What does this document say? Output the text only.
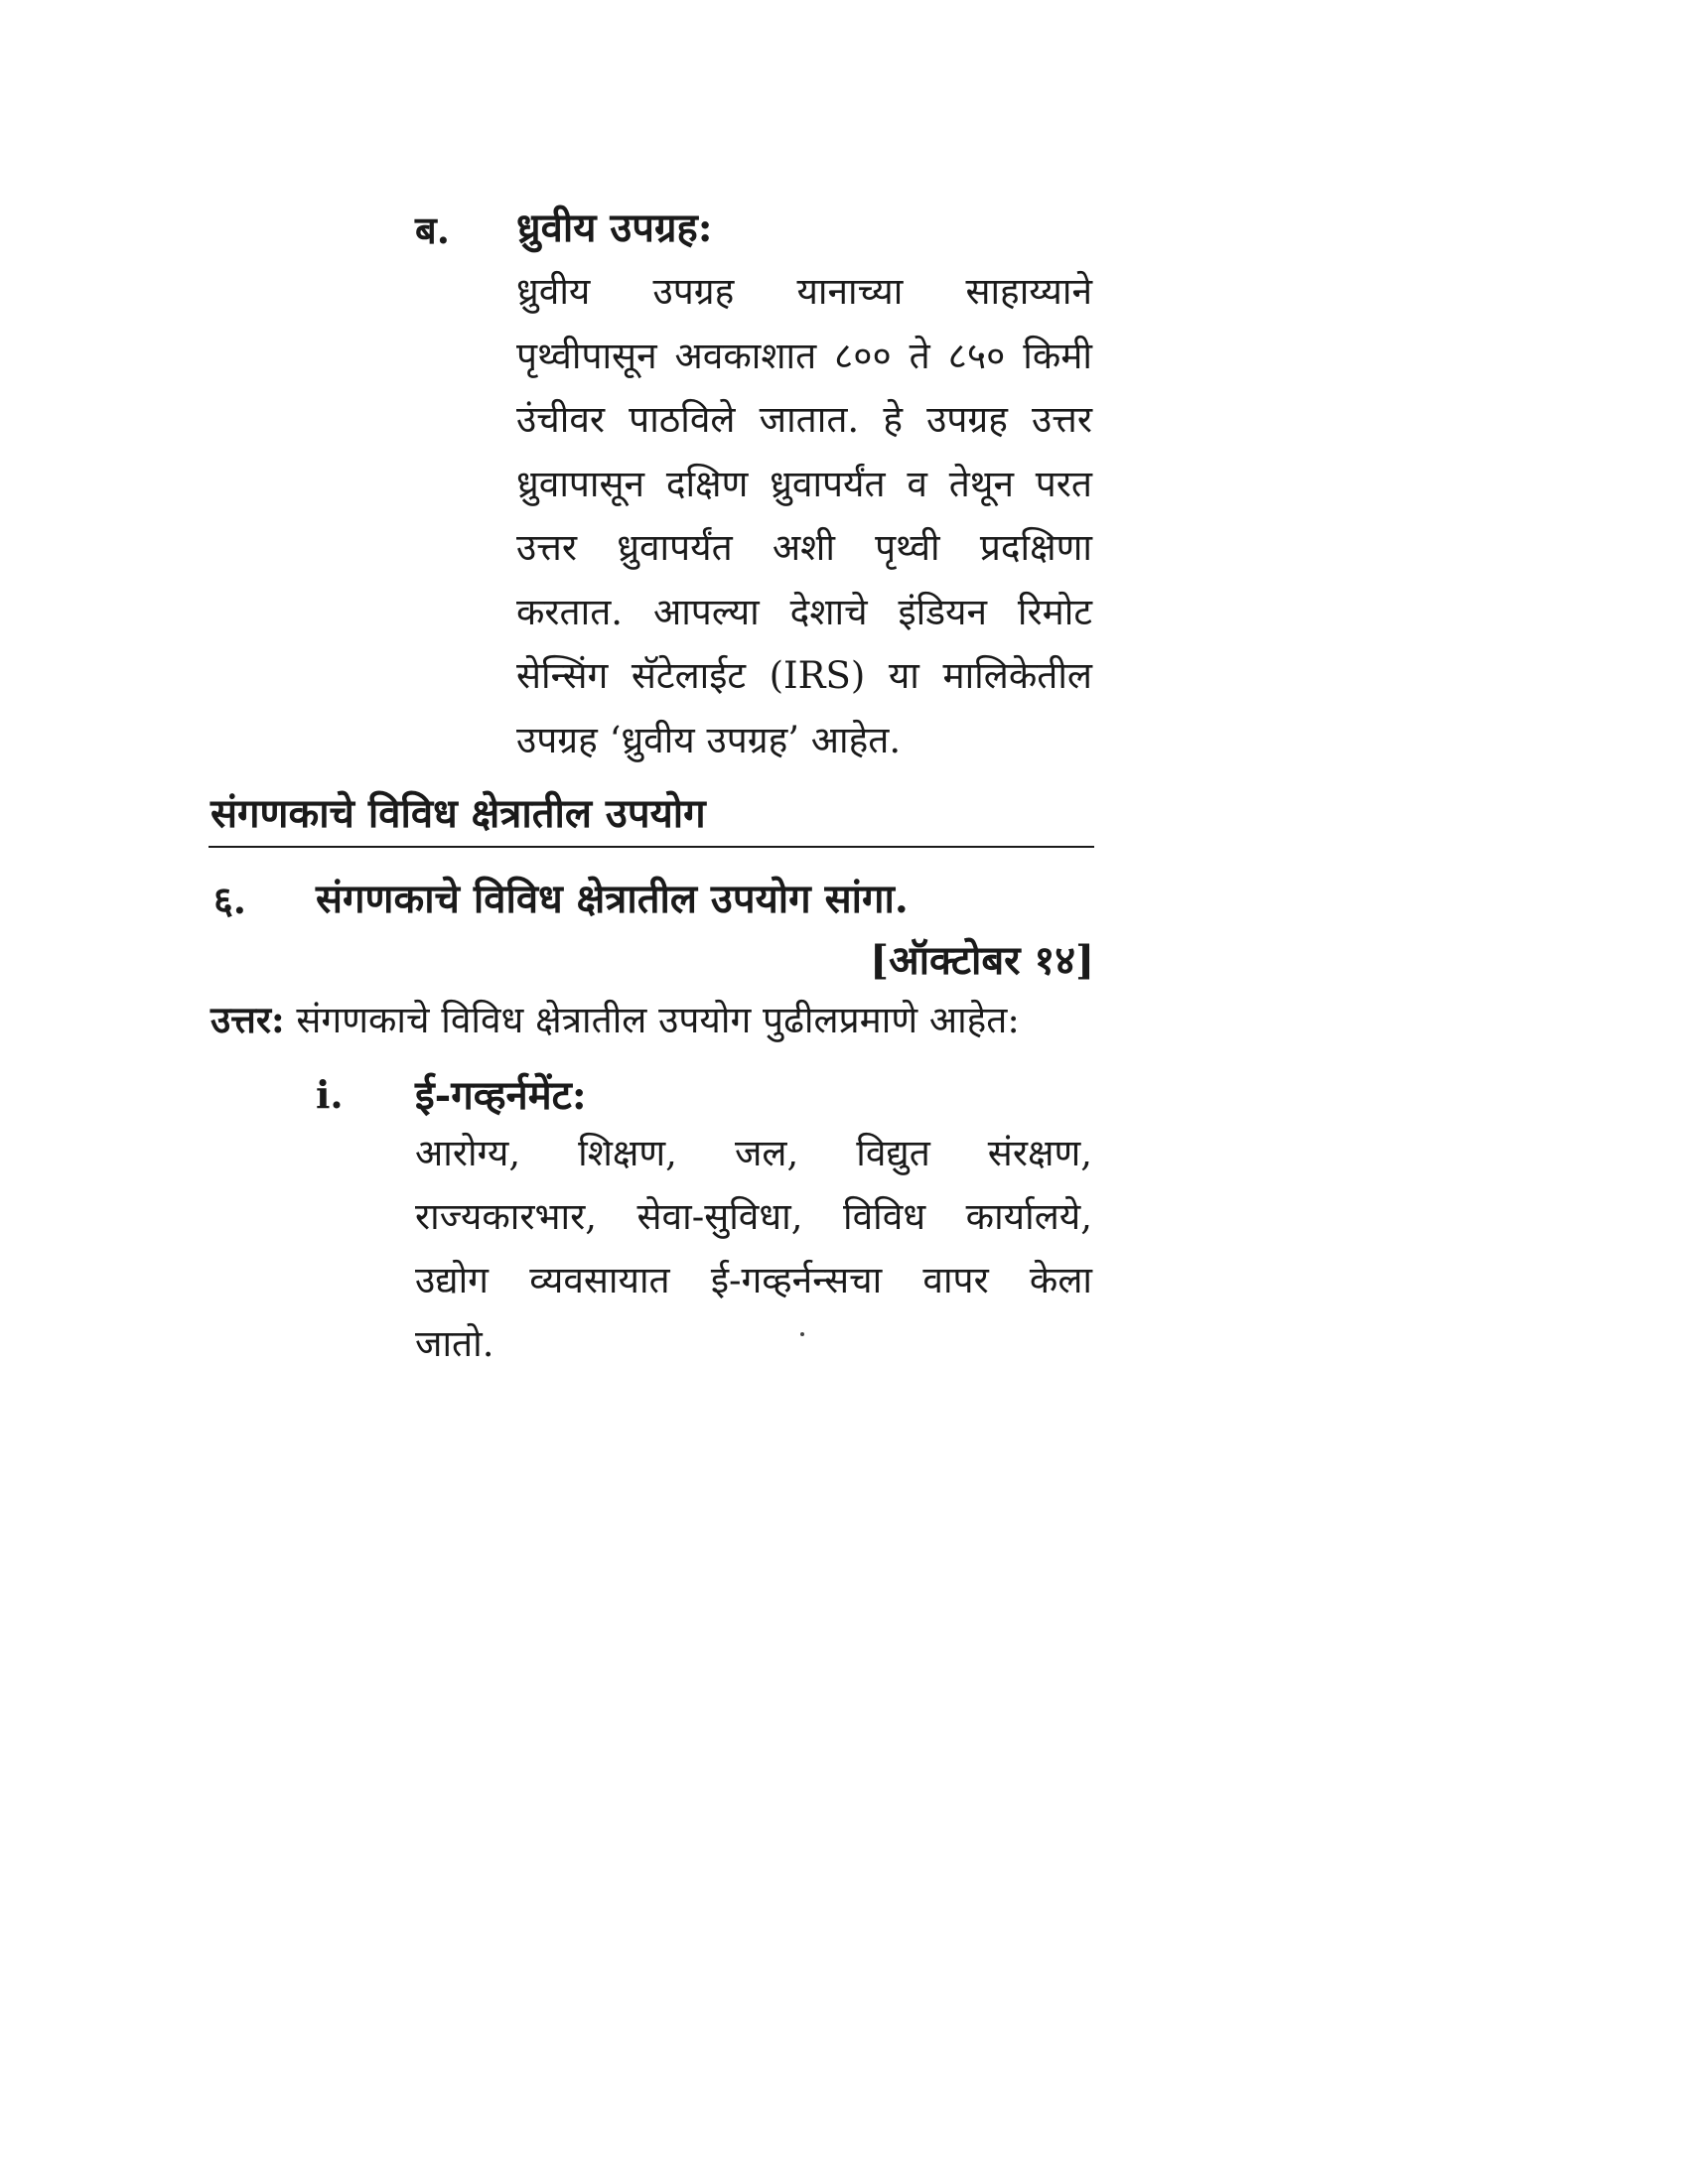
ब. ध्रुवीय उपग्रह:
ध्रुवीय उपग्रह यानाच्या साहाय्याने
पृथ्वीपासून अवकाशात ८०० ते ८५० किमी
उंचीवर पाठविले जातात. हे उपग्रह उत्तर
ध्रुवापासून दक्षिण ध्रुवापर्यंत व तेथून परत
उत्तर ध्रुवापर्यंत अशी पृथ्वी प्रदक्षिणा
करतात. आपल्या देशाचे इंडियन रिमोट
सेन्सिंग सॅटेलाईट (IRS) या मालिकेतील
उपग्रह ‘ध्रुवीय उपग्रह’ आहेत.
संगणकाचे विविध क्षेत्रातील उपयोग
६. संगणकाचे विविध क्षेत्रातील उपयोग सांगा.
[ऑक्टोबर १४]
उत्तर: संगणकाचे विविध क्षेत्रातील उपयोग पुढीलप्रमाणे आहेत:
i. ई-गव्हर्नमेंट:
आरोग्य, शिक्षण, जल, विद्युत संरक्षण,
राज्यकारभार, सेवा-सुविधा, विविध कार्यालये,
उद्योग व्यवसायात ई-गव्हर्नन्सचा वापर केला
जातो.
